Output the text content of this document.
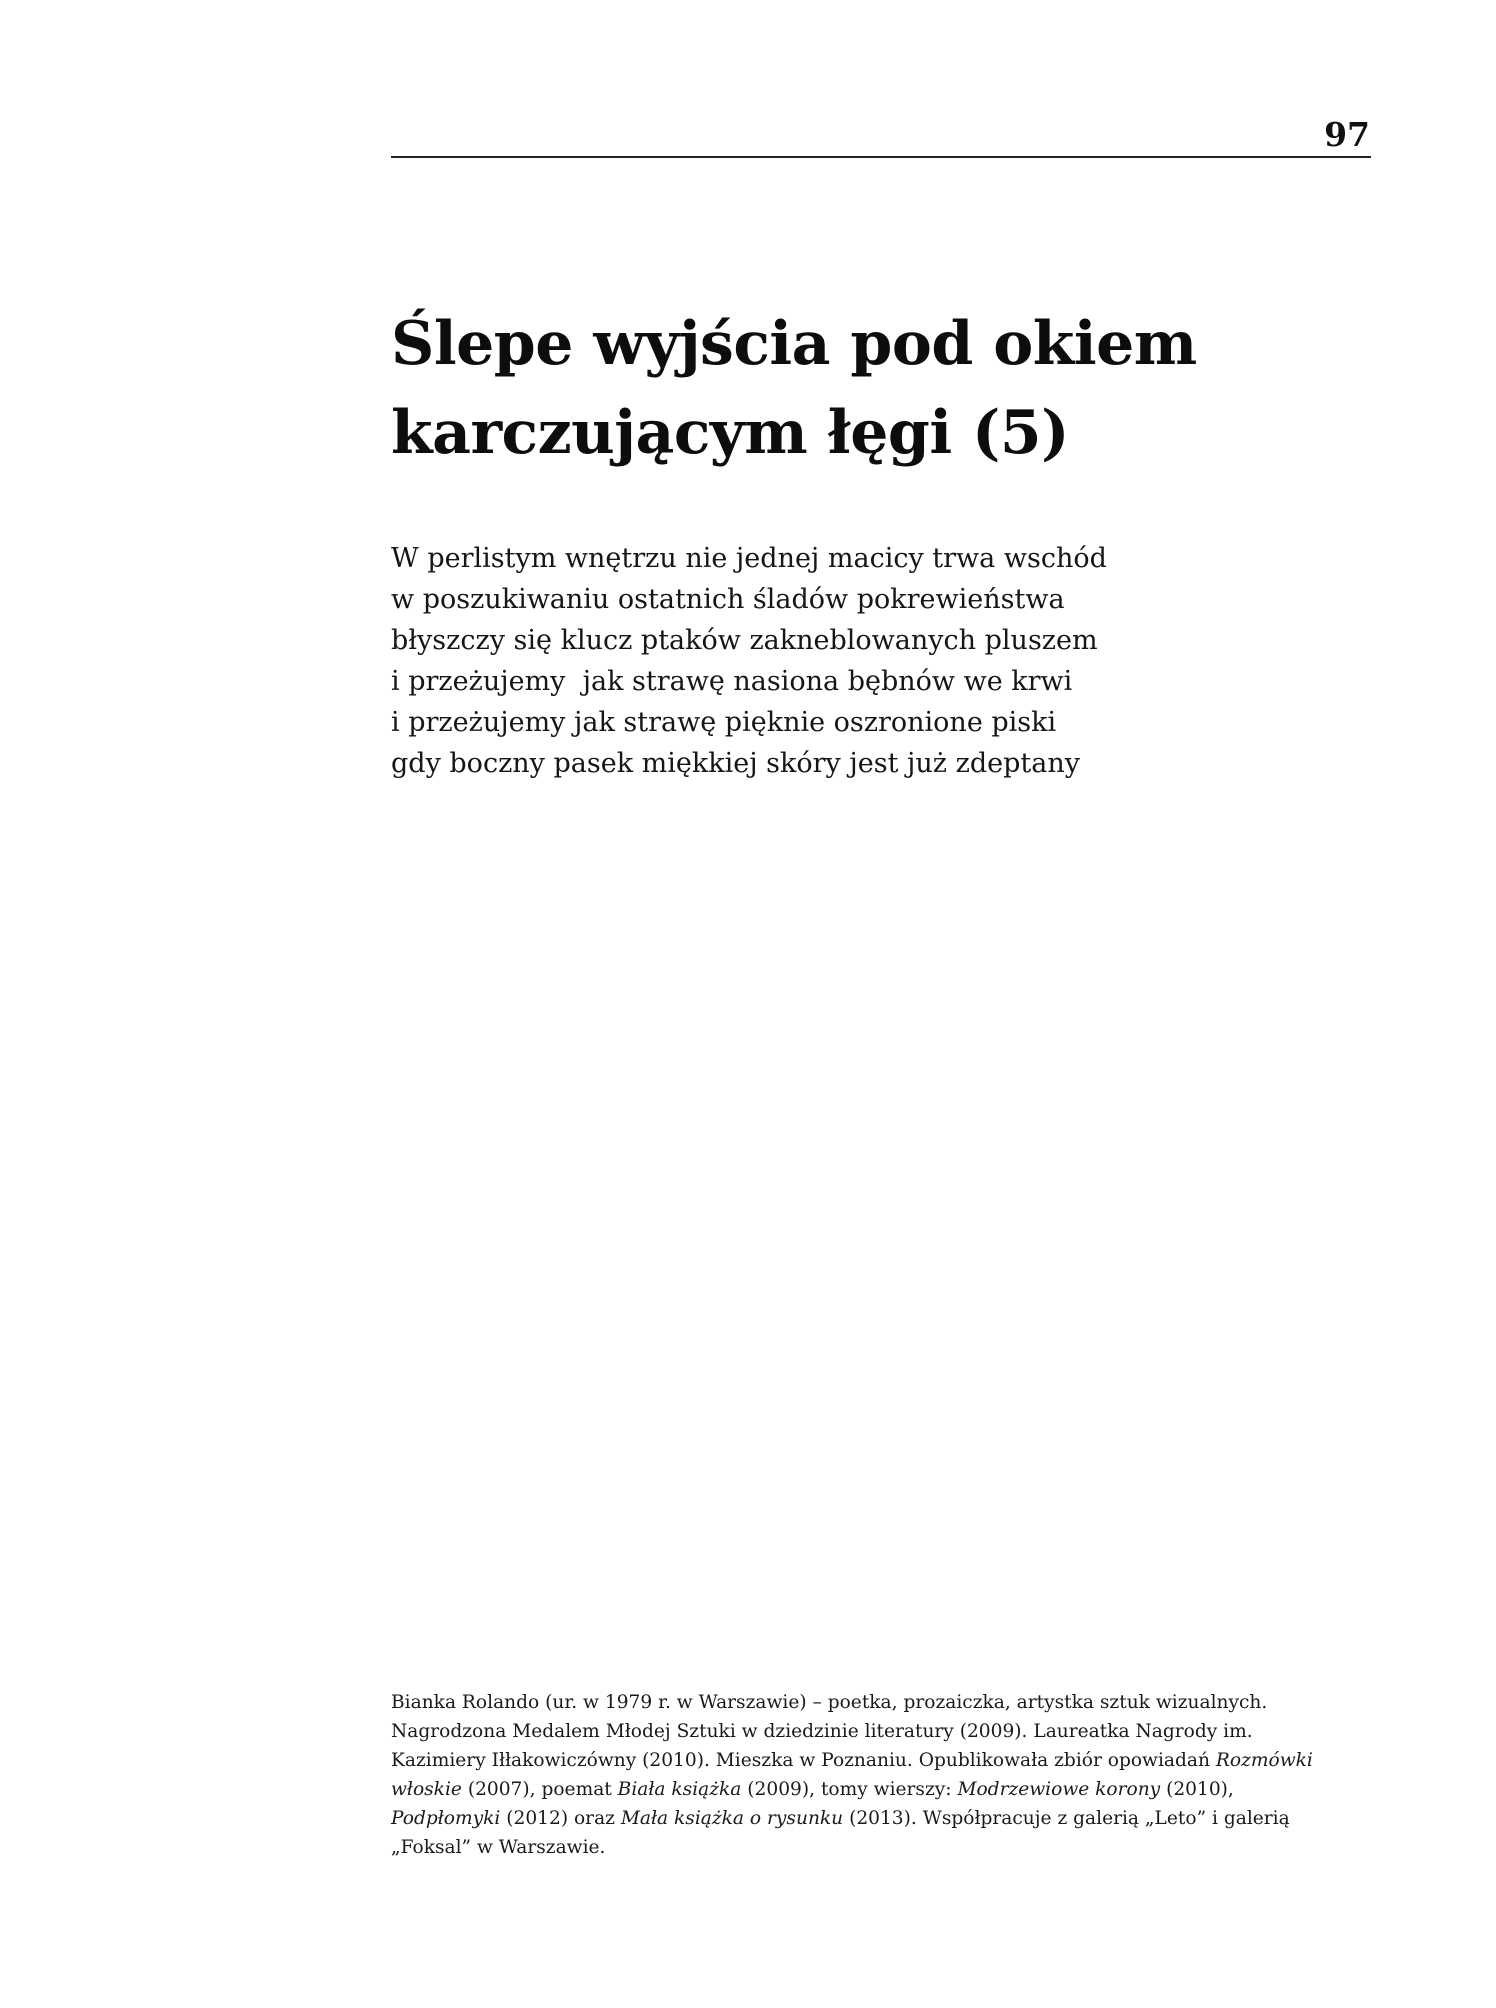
97
Ślepe wyjścia pod okiem
karczującym łęgi (5)
W perlistym wnętrzu nie jednej macicy trwa wschód
w poszukiwaniu ostatnich śladów pokrewieństwa
błyszczy się klucz ptaków zakneblowanych pluszem
i przeżujemy  jak strawę nasiona bębnów we krwi
i przeżujemy jak strawę pięknie oszronione piski
gdy boczny pasek miękkiej skóry jest już zdeptany
Bianka Rolando (ur. w 1979 r. w Warszawie) – poetka, prozaiczka, artystka sztuk wizualnych.
Nagrodzona Medalem Młodej Sztuki w dziedzinie literatury (2009). Laureatka Nagrody im.
Kazimiery Iłłakowiczówny (2010). Mieszka w Poznaniu. Opublikowała zbiór opowiadań Rozmówki
włoskie (2007), poemat Biała książka (2009), tomy wierszy: Modrzewiowe korony (2010),
Podpłomyki (2012) oraz Mała książka o rysunku (2013). Współpracuje z galerią „Leto” i galerią
„Foksal” w Warszawie.
